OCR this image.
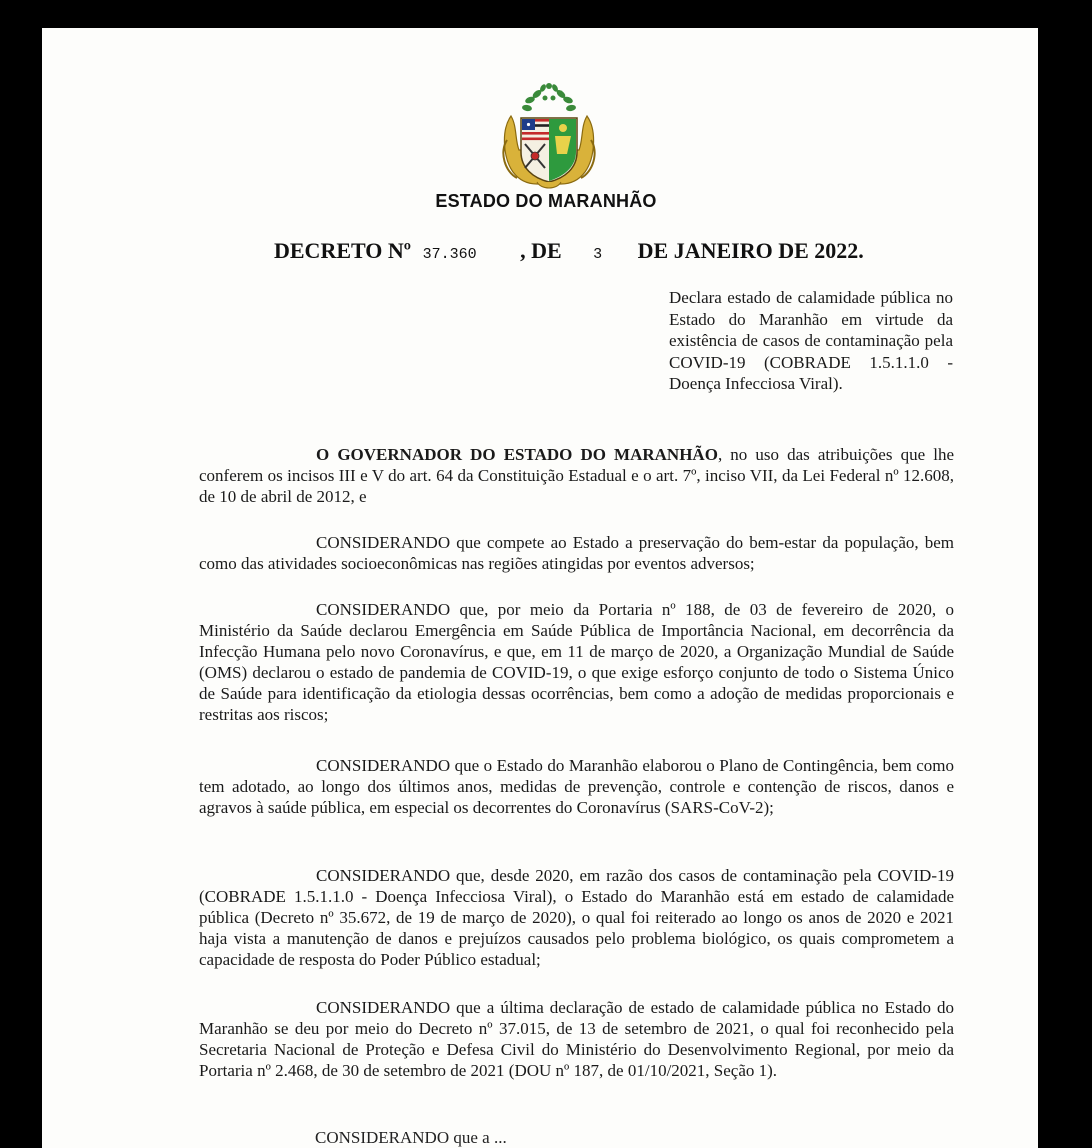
ESTADO DO MARANHÃO
DECRETO Nº 37.360 , DE 3 DE JANEIRO DE 2022.
Declara estado de calamidade pública no Estado do Maranhão em virtude da existência de casos de contaminação pela COVID-19 (COBRADE 1.5.1.1.0 - Doença Infecciosa Viral).
O GOVERNADOR DO ESTADO DO MARANHÃO, no uso das atribuições que lhe conferem os incisos III e V do art. 64 da Constituição Estadual e o art. 7º, inciso VII, da Lei Federal nº 12.608, de 10 de abril de 2012, e
CONSIDERANDO que compete ao Estado a preservação do bem-estar da população, bem como das atividades socioeconômicas nas regiões atingidas por eventos adversos;
CONSIDERANDO que, por meio da Portaria nº 188, de 03 de fevereiro de 2020, o Ministério da Saúde declarou Emergência em Saúde Pública de Importância Nacional, em decorrência da Infecção Humana pelo novo Coronavírus, e que, em 11 de março de 2020, a Organização Mundial de Saúde (OMS) declarou o estado de pandemia de COVID-19, o que exige esforço conjunto de todo o Sistema Único de Saúde para identificação da etiologia dessas ocorrências, bem como a adoção de medidas proporcionais e restritas aos riscos;
CONSIDERANDO que o Estado do Maranhão elaborou o Plano de Contingência, bem como tem adotado, ao longo dos últimos anos, medidas de prevenção, controle e contenção de riscos, danos e agravos à saúde pública, em especial os decorrentes do Coronavírus (SARS-CoV-2);
CONSIDERANDO que, desde 2020, em razão dos casos de contaminação pela COVID-19 (COBRADE 1.5.1.1.0 - Doença Infecciosa Viral), o Estado do Maranhão está em estado de calamidade pública (Decreto nº 35.672, de 19 de março de 2020), o qual foi reiterado ao longo os anos de 2020 e 2021 haja vista a manutenção de danos e prejuízos causados pelo problema biológico, os quais comprometem a capacidade de resposta do Poder Público estadual;
CONSIDERANDO que a última declaração de estado de calamidade pública no Estado do Maranhão se deu por meio do Decreto nº 37.015, de 13 de setembro de 2021, o qual foi reconhecido pela Secretaria Nacional de Proteção e Defesa Civil do Ministério do Desenvolvimento Regional, por meio da Portaria nº 2.468, de 30 de setembro de 2021 (DOU nº 187, de 01/10/2021, Seção 1).
